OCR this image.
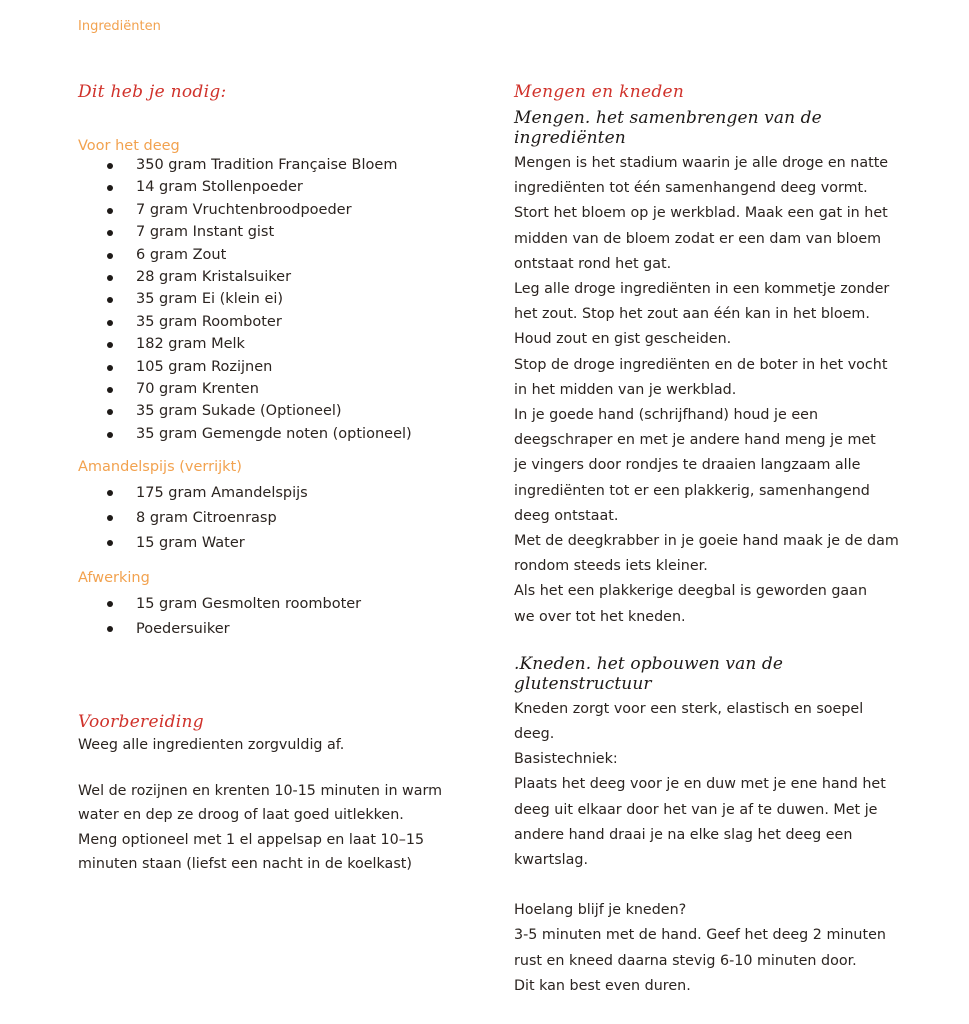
Ingrediënten
Dit heb je nodig:
Voor het deeg
350 gram Tradition Française Bloem
14 gram Stollenpoeder
7 gram Vruchtenbroodpoeder
7 gram Instant gist
6 gram Zout
28 gram Kristalsuiker
35 gram Ei (klein ei)
35 gram Roomboter
182 gram Melk
105 gram Rozijnen
70 gram Krenten
35 gram Sukade (Optioneel)
35 gram Gemengde noten (optioneel)
Amandelspijs (verrijkt)
175 gram Amandelspijs
8 gram Citroenrasp
15 gram Water
Afwerking
15 gram Gesmolten roomboter
Poedersuiker
Voorbereiding
Weeg alle ingredienten zorgvuldig af.
Wel de rozijnen en krenten 10-15 minuten in warm
water en dep ze droog of laat goed uitlekken.
Meng optioneel met 1 el appelsap en laat 10–15
minuten staan (liefst een nacht in de koelkast)
Mengen en kneden
Mengen. het samenbrengen van de ingrediënten
Mengen is het stadium waarin je alle droge en natte
ingrediënten tot één samenhangend deeg vormt.
Stort het bloem op je werkblad. Maak een gat in het
midden van de bloem zodat er een dam van bloem
ontstaat rond het gat.
Leg alle droge ingrediënten in een kommetje zonder
het zout. Stop het zout aan één kan in het bloem.
Houd zout en gist gescheiden.
Stop de droge ingrediënten en de boter in het vocht
in het midden van je werkblad.
In je goede hand (schrijfhand) houd je een
deegschraper en met je andere hand meng je met
je vingers door rondjes te draaien langzaam alle
ingrediënten tot er een plakkerig, samenhangend
deeg ontstaat.
Met de deegkrabber in je goeie hand maak je de dam
rondom steeds iets kleiner.
Als het een plakkerige deegbal is geworden gaan
we over tot het kneden.
.Kneden. het opbouwen van de glutenstructuur
Kneden zorgt voor een sterk, elastisch en soepel
deeg.
Basistechniek:
Plaats het deeg voor je en duw met je ene hand het
deeg uit elkaar door het van je af te duwen. Met je
andere hand draai je na elke slag het deeg een
kwartslag.
Hoelang blijf je kneden?
3-5 minuten met de hand. Geef het deeg 2 minuten
rust en kneed daarna stevig 6-10 minuten door.
Dit kan best even duren.
